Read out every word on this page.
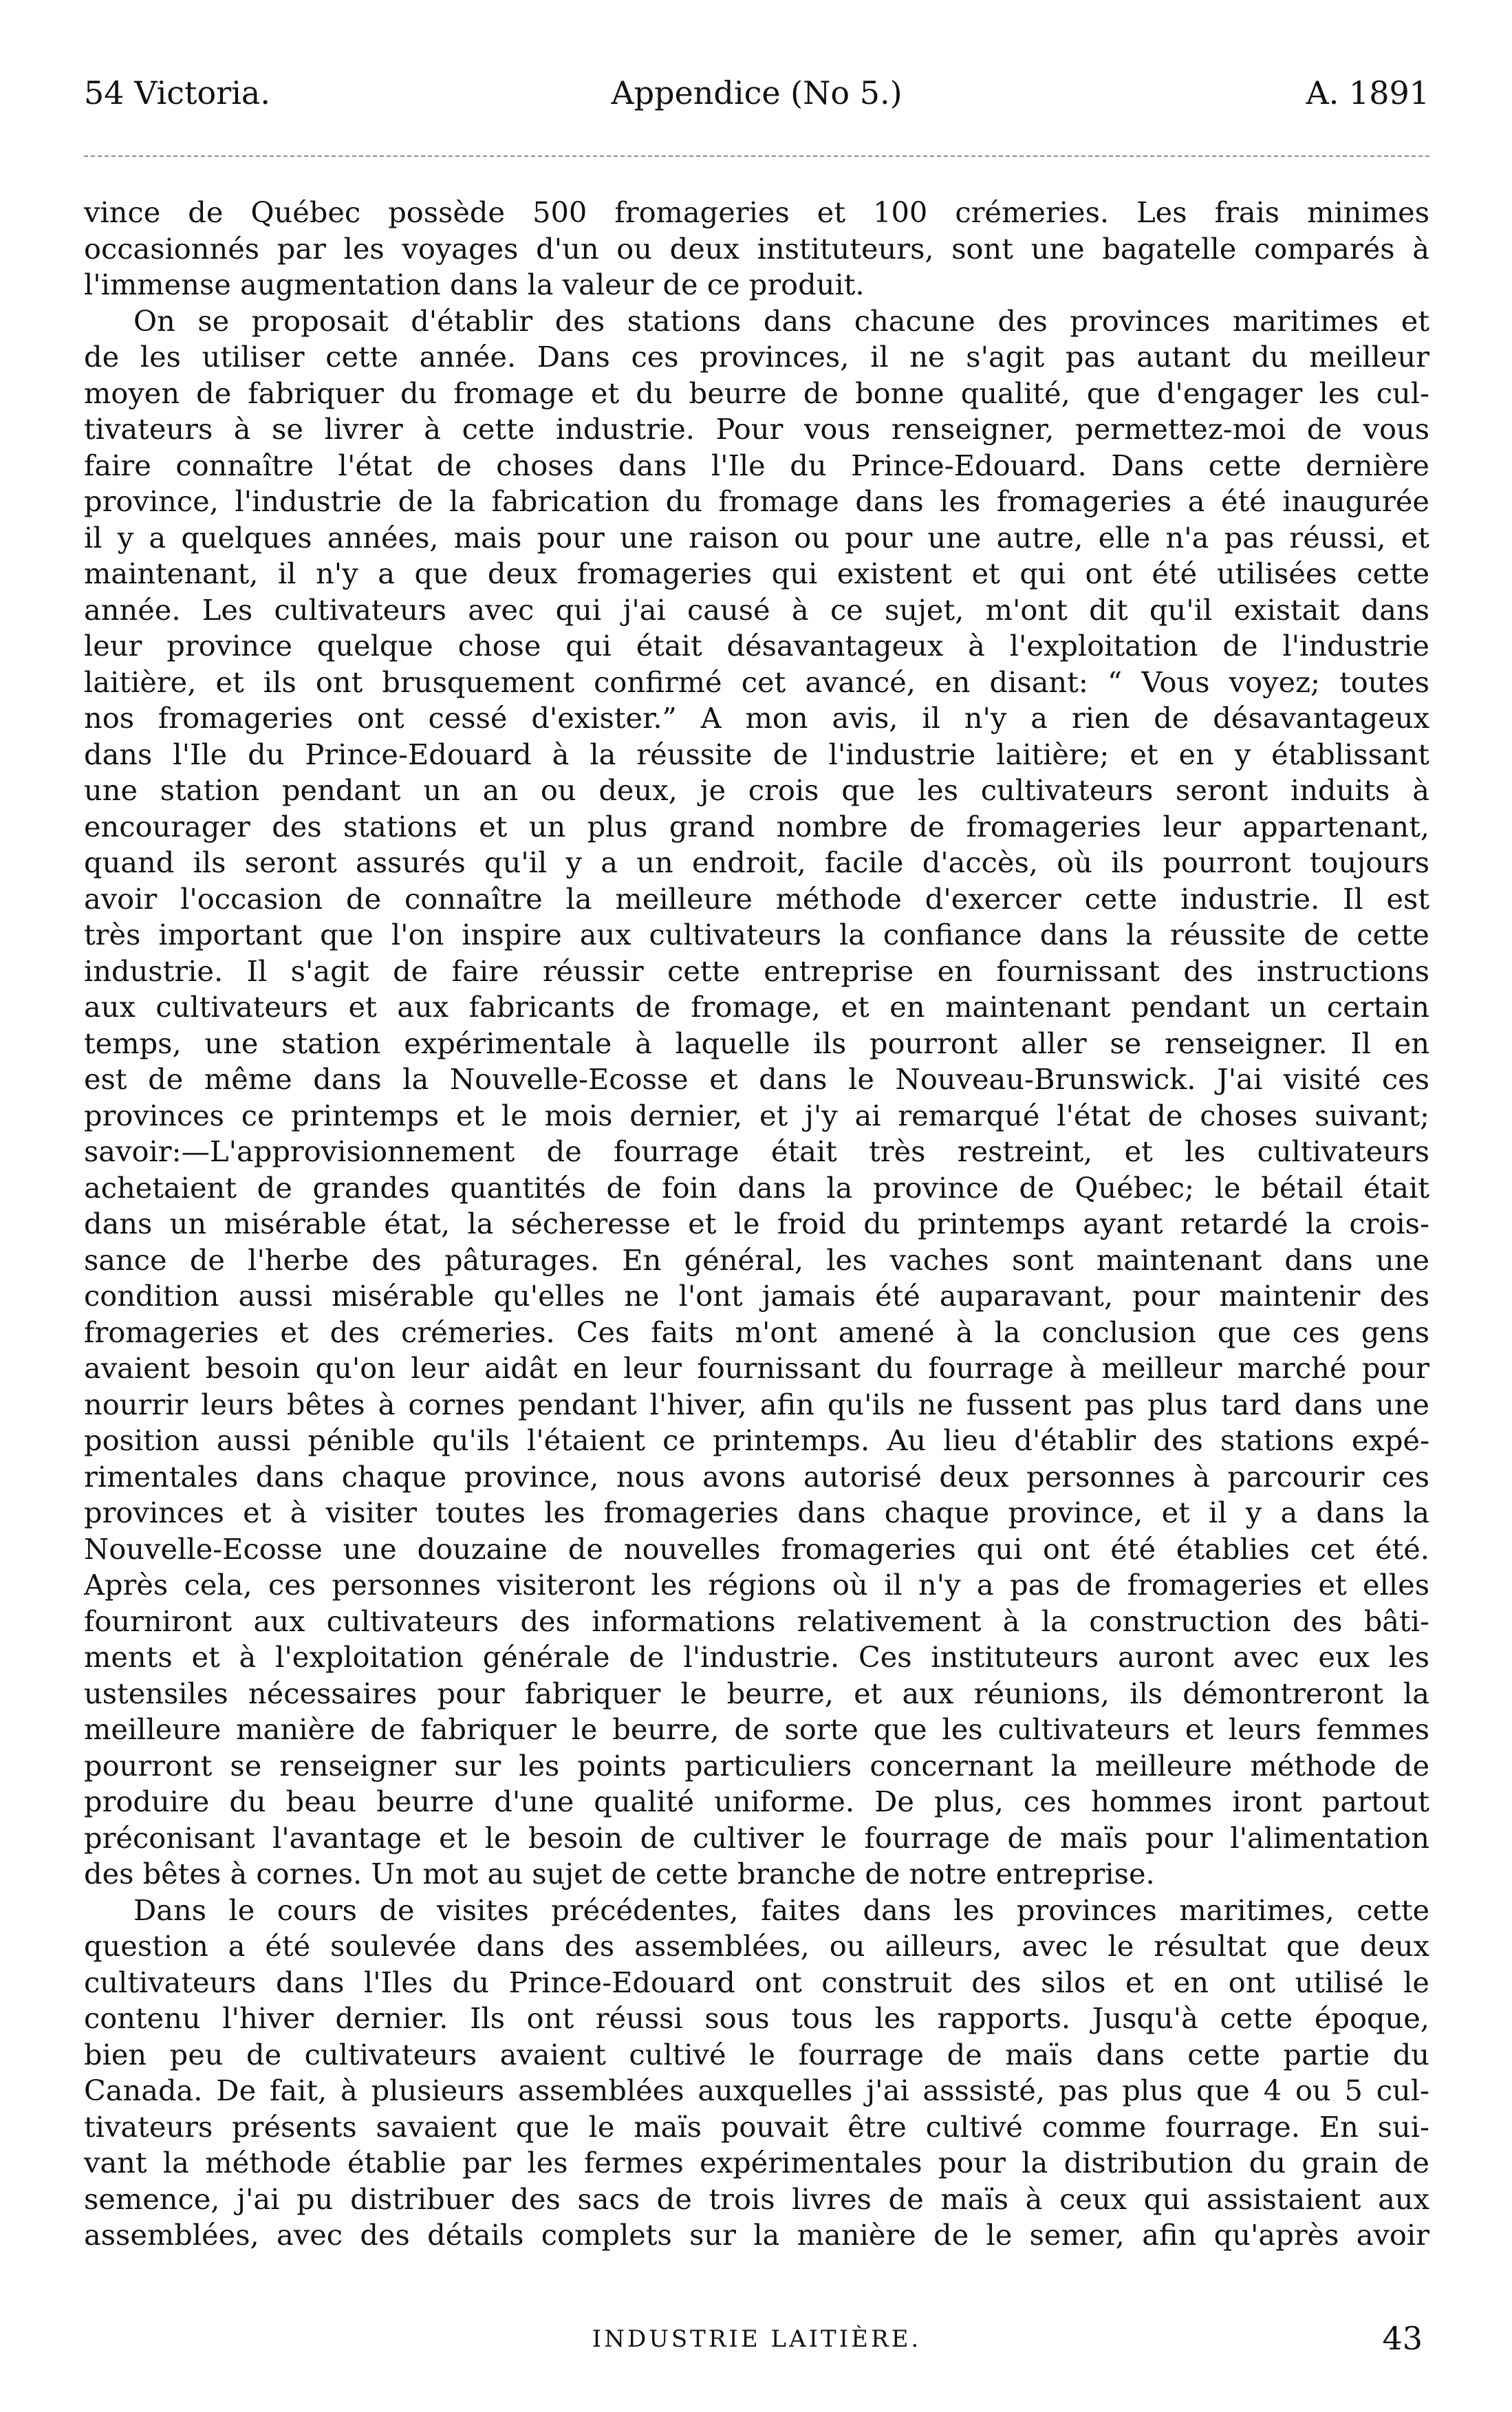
54 Victoria.	Appendice (No 5.)	A. 1891
vince de Québec possède 500 fromageries et 100 crémeries. Les frais minimes
occasionnés par les voyages d'un ou deux instituteurs, sont une bagatelle comparés à
l'immense augmentation dans la valeur de ce produit.
On se proposait d'établir des stations dans chacune des provinces maritimes et
de les utiliser cette année. Dans ces provinces, il ne s'agit pas autant du meilleur
moyen de fabriquer du fromage et du beurre de bonne qualité, que d'engager les cul-
tivateurs à se livrer à cette industrie. Pour vous renseigner, permettez-moi de vous
faire connaître l'état de choses dans l'Ile du Prince-Edouard. Dans cette dernière
province, l'industrie de la fabrication du fromage dans les fromageries a été inaugurée
il y a quelques années, mais pour une raison ou pour une autre, elle n'a pas réussi, et
maintenant, il n'y a que deux fromageries qui existent et qui ont été utilisées cette
année. Les cultivateurs avec qui j'ai causé à ce sujet, m'ont dit qu'il existait dans
leur province quelque chose qui était désavantageux à l'exploitation de l'industrie
laitière, et ils ont brusquement confirmé cet avancé, en disant: “ Vous voyez; toutes
nos fromageries ont cessé d'exister.” A mon avis, il n'y a rien de désavantageux
dans l'Ile du Prince-Edouard à la réussite de l'industrie laitière; et en y établissant
une station pendant un an ou deux, je crois que les cultivateurs seront induits à
encourager des stations et un plus grand nombre de fromageries leur appartenant,
quand ils seront assurés qu'il y a un endroit, facile d'accès, où ils pourront toujours
avoir l'occasion de connaître la meilleure méthode d'exercer cette industrie. Il est
très important que l'on inspire aux cultivateurs la confiance dans la réussite de cette
industrie. Il s'agit de faire réussir cette entreprise en fournissant des instructions
aux cultivateurs et aux fabricants de fromage, et en maintenant pendant un certain
temps, une station expérimentale à laquelle ils pourront aller se renseigner. Il en
est de même dans la Nouvelle-Ecosse et dans le Nouveau-Brunswick. J'ai visité ces
provinces ce printemps et le mois dernier, et j'y ai remarqué l'état de choses suivant;
savoir:—L'approvisionnement de fourrage était très restreint, et les cultivateurs
achetaient de grandes quantités de foin dans la province de Québec; le bétail était
dans un misérable état, la sécheresse et le froid du printemps ayant retardé la crois-
sance de l'herbe des pâturages. En général, les vaches sont maintenant dans une
condition aussi misérable qu'elles ne l'ont jamais été auparavant, pour maintenir des
fromageries et des crémeries. Ces faits m'ont amené à la conclusion que ces gens
avaient besoin qu'on leur aidât en leur fournissant du fourrage à meilleur marché pour
nourrir leurs bêtes à cornes pendant l'hiver, afin qu'ils ne fussent pas plus tard dans une
position aussi pénible qu'ils l'étaient ce printemps. Au lieu d'établir des stations expé-
rimentales dans chaque province, nous avons autorisé deux personnes à parcourir ces
provinces et à visiter toutes les fromageries dans chaque province, et il y a dans la
Nouvelle-Ecosse une douzaine de nouvelles fromageries qui ont été établies cet été.
Après cela, ces personnes visiteront les régions où il n'y a pas de fromageries et elles
fourniront aux cultivateurs des informations relativement à la construction des bâti-
ments et à l'exploitation générale de l'industrie. Ces instituteurs auront avec eux les
ustensiles nécessaires pour fabriquer le beurre, et aux réunions, ils démontreront la
meilleure manière de fabriquer le beurre, de sorte que les cultivateurs et leurs femmes
pourront se renseigner sur les points particuliers concernant la meilleure méthode de
produire du beau beurre d'une qualité uniforme. De plus, ces hommes iront partout
préconisant l'avantage et le besoin de cultiver le fourrage de maïs pour l'alimentation
des bêtes à cornes. Un mot au sujet de cette branche de notre entreprise.
Dans le cours de visites précédentes, faites dans les provinces maritimes, cette
question a été soulevée dans des assemblées, ou ailleurs, avec le résultat que deux
cultivateurs dans l'Iles du Prince-Edouard ont construit des silos et en ont utilisé le
contenu l'hiver dernier. Ils ont réussi sous tous les rapports. Jusqu'à cette époque,
bien peu de cultivateurs avaient cultivé le fourrage de maïs dans cette partie du
Canada. De fait, à plusieurs assemblées auxquelles j'ai asssisté, pas plus que 4 ou 5 cul-
tivateurs présents savaient que le maïs pouvait être cultivé comme fourrage. En sui-
vant la méthode établie par les fermes expérimentales pour la distribution du grain de
semence, j'ai pu distribuer des sacs de trois livres de maïs à ceux qui assistaient aux
assemblées, avec des détails complets sur la manière de le semer, afin qu'après avoir
INDUSTRIE LAITIÈRE.	43
